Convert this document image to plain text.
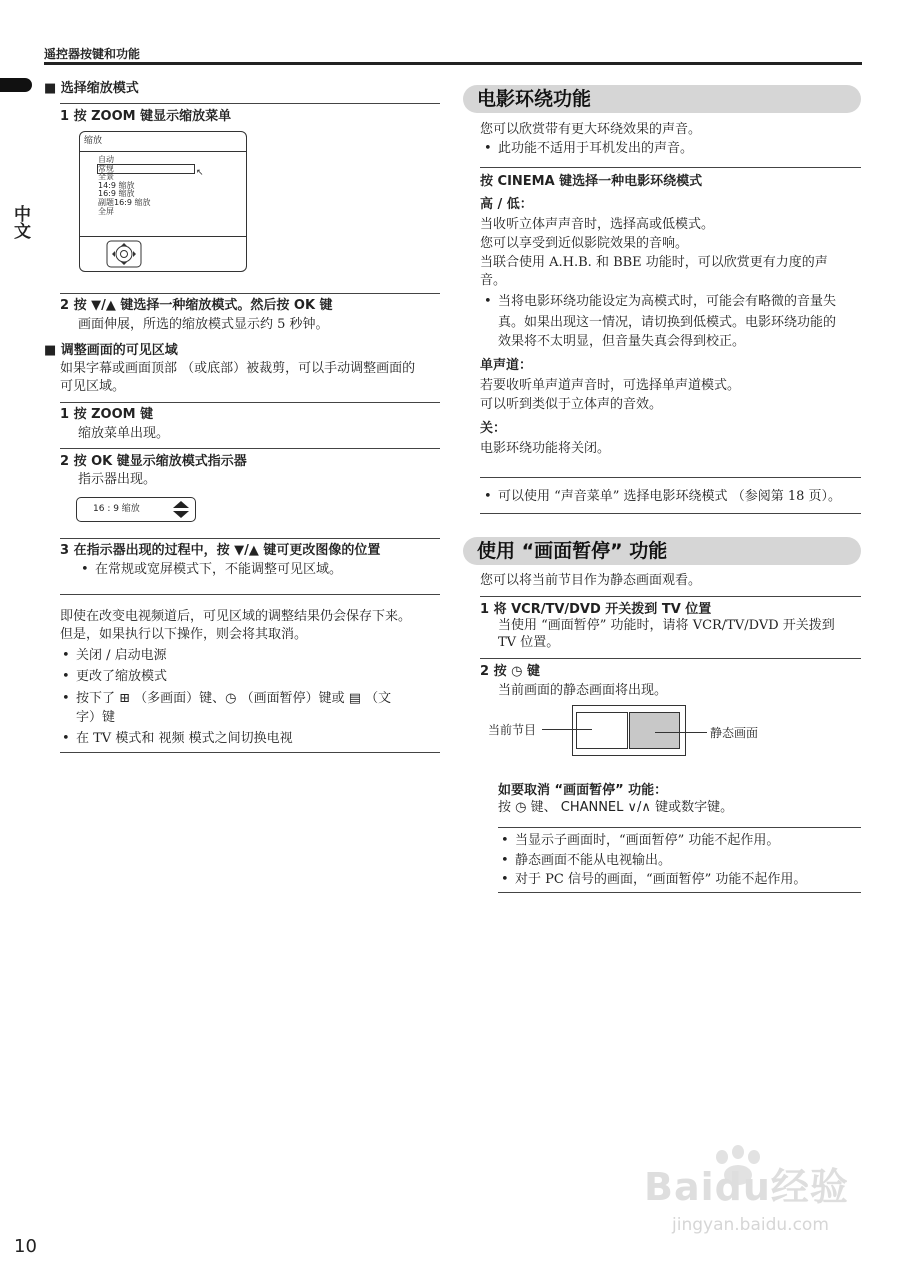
遥控器按键和功能
中文
■ 选择缩放模式
1 按 ZOOM 键显示缩放菜单
缩放
自动
常规
全景
14:9 缩放
16:9 缩放
副题16:9 缩放
全屏
↖
2 按 ▼/▲ 键选择一种缩放模式。然后按 OK 键
画面伸展，所选的缩放模式显示约 5 秒钟。
■ 调整画面的可见区域
如果字幕或画面顶部 （或底部）被裁剪，可以手动调整画面的
可见区域。
1 按 ZOOM 键
缩放菜单出现。
2 按 OK 键显示缩放模式指示器
指示器出现。
16 : 9 缩放
3 在指示器出现的过程中，按 ▼/▲ 键可更改图像的位置
• 在常规或宽屏模式下，不能调整可见区域。
即使在改变电视频道后，可见区域的调整结果仍会保存下来。
但是，如果执行以下操作，则会将其取消。
• 关闭 / 启动电源
• 更改了缩放模式
• 按下了 ⊞ （多画面）键、◷ （画面暂停）键或 ▤ （文
字）键
• 在 TV 模式和 视频 模式之间切换电视
电影环绕功能
您可以欣赏带有更大环绕效果的声音。
• 此功能不适用于耳机发出的声音。
按 CINEMA 键选择一种电影环绕模式
高 / 低：
当收听立体声声音时，选择高或低模式。
您可以享受到近似影院效果的音响。
当联合使用 A.H.B. 和 BBE 功能时，可以欣赏更有力度的声
音。
• 当将电影环绕功能设定为高模式时，可能会有略微的音量失
真。如果出现这一情况，请切换到低模式。电影环绕功能的
效果将不太明显，但音量失真会得到校正。
单声道：
若要收听单声道声音时，可选择单声道模式。
可以听到类似于立体声的音效。
关：
电影环绕功能将关闭。
• 可以使用 “声音菜单” 选择电影环绕模式 （参阅第 18 页）。
使用 “画面暂停” 功能
您可以将当前节目作为静态画面观看。
1 将 VCR/TV/DVD 开关拨到 TV 位置
当使用 “画面暂停” 功能时，请将 VCR/TV/DVD 开关拨到
TV 位置。
2 按 ◷ 键
当前画面的静态画面将出现。
当前节目	静态画面
如要取消 “画面暂停” 功能：
按 ◷ 键、 CHANNEL ∨/∧ 键或数字键。
• 当显示子画面时，“画面暂停” 功能不起作用。
• 静态画面不能从电视输出。
• 对于 PC 信号的画面，“画面暂停” 功能不起作用。
Baidu经验
jingyan.baidu.com
10
